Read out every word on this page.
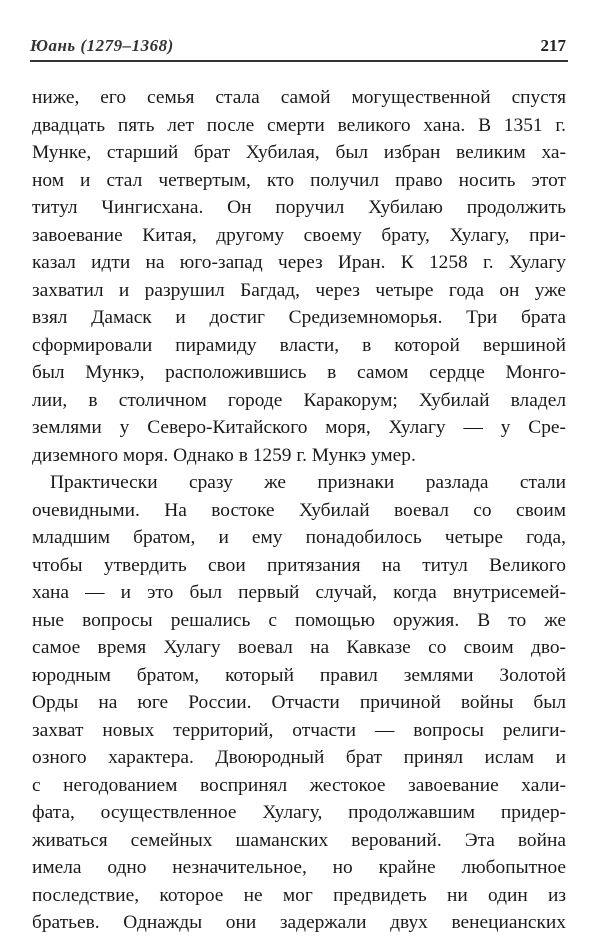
Юань (1279–1368)	217
ниже, его семья стала самой могущественной спустя
двадцать пять лет после смерти великого хана. В 1351 г.
Мунке, старший брат Хубилая, был избран великим ха-
ном и стал четвертым, кто получил право носить этот
титул Чингисхана. Он поручил Хубилаю продолжить
завоевание Китая, другому своему брату, Хулагу, при-
казал идти на юго-запад через Иран. К 1258 г. Хулагу
захватил и разрушил Багдад, через четыре года он уже
взял Дамаск и достиг Средиземноморья. Три брата
сформировали пирамиду власти, в которой вершиной
был Мункэ, расположившись в самом сердце Монго-
лии, в столичном городе Каракорум; Хубилай владел
землями у Северо-Китайского моря, Хулагу — у Сре-
диземного моря. Однако в 1259 г. Мункэ умер.
Практически сразу же признаки разлада стали
очевидными. На востоке Хубилай воевал со своим
младшим братом, и ему понадобилось четыре года,
чтобы утвердить свои притязания на титул Великого
хана — и это был первый случай, когда внутрисемей-
ные вопросы решались с помощью оружия. В то же
самое время Хулагу воевал на Кавказе со своим дво-
юродным братом, который правил землями Золотой
Орды на юге России. Отчасти причиной войны был
захват новых территорий, отчасти — вопросы религи-
озного характера. Двоюродный брат принял ислам и
с негодованием воспринял жестокое завоевание хали-
фата, осуществленное Хулагу, продолжавшим придер-
живаться семейных шаманских верований. Эта война
имела одно незначительное, но крайне любопытное
последствие, которое не мог предвидеть ни один из
братьев. Однажды они задержали двух венецианских
